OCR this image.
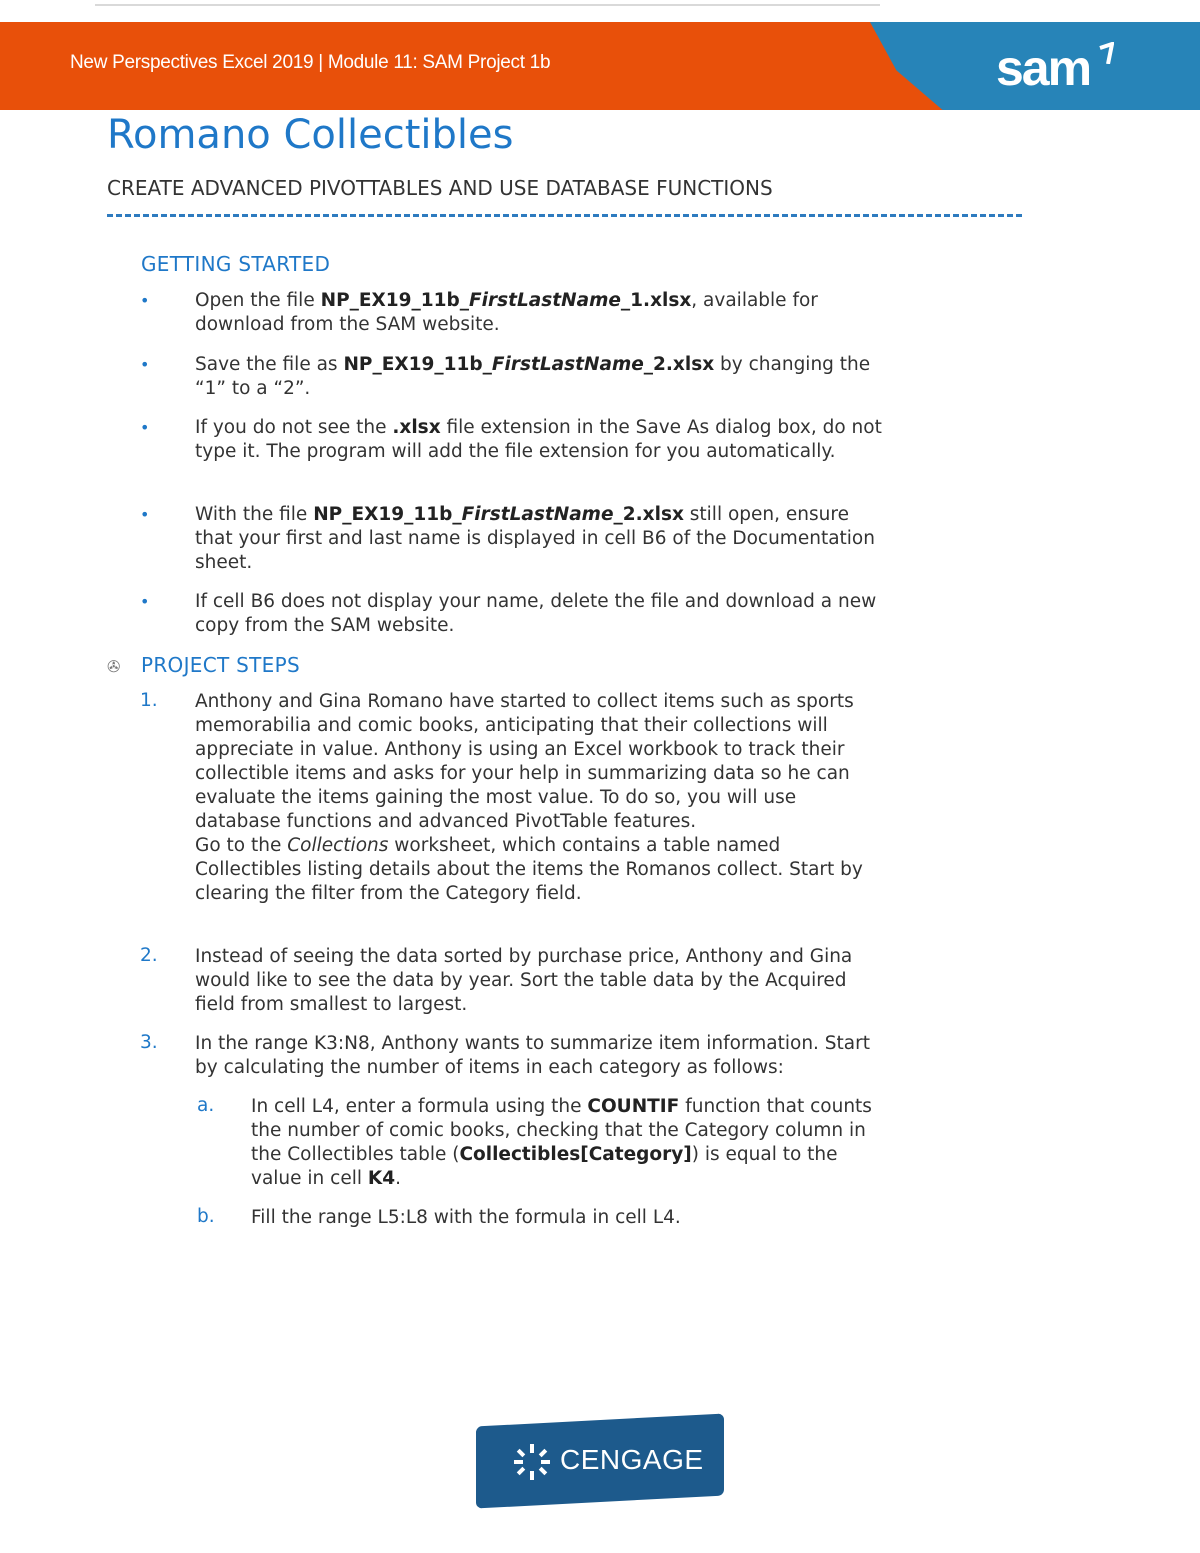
New Perspectives Excel 2019 | Module 11: SAM Project 1b	sam
Romano Collectibles
CREATE ADVANCED PIVOTTABLES AND USE DATABASE FUNCTIONS
GETTING STARTED
• Open the file NP_EX19_11b_FirstLastName_1.xlsx, available for download from the SAM website.
• Save the file as NP_EX19_11b_FirstLastName_2.xlsx by changing the “1” to a “2”.
• If you do not see the .xlsx file extension in the Save As dialog box, do not type it. The program will add the file extension for you automatically.
• With the file NP_EX19_11b_FirstLastName_2.xlsx still open, ensure that your first and last name is displayed in cell B6 of the Documentation sheet.
• If cell B6 does not display your name, delete the file and download a new copy from the SAM website.
✇ PROJECT STEPS
1. Anthony and Gina Romano have started to collect items such as sports memorabilia and comic books, anticipating that their collections will appreciate in value. Anthony is using an Excel workbook to track their collectible items and asks for your help in summarizing data so he can evaluate the items gaining the most value. To do so, you will use database functions and advanced PivotTable features.
Go to the Collections worksheet, which contains a table named Collectibles listing details about the items the Romanos collect. Start by clearing the filter from the Category field.
2. Instead of seeing the data sorted by purchase price, Anthony and Gina would like to see the data by year. Sort the table data by the Acquired field from smallest to largest.
3. In the range K3:N8, Anthony wants to summarize item information. Start by calculating the number of items in each category as follows:
a. In cell L4, enter a formula using the COUNTIF function that counts the number of comic books, checking that the Category column in the Collectibles table (Collectibles[Category]) is equal to the value in cell K4.
b. Fill the range L5:L8 with the formula in cell L4.
CENGAGE
